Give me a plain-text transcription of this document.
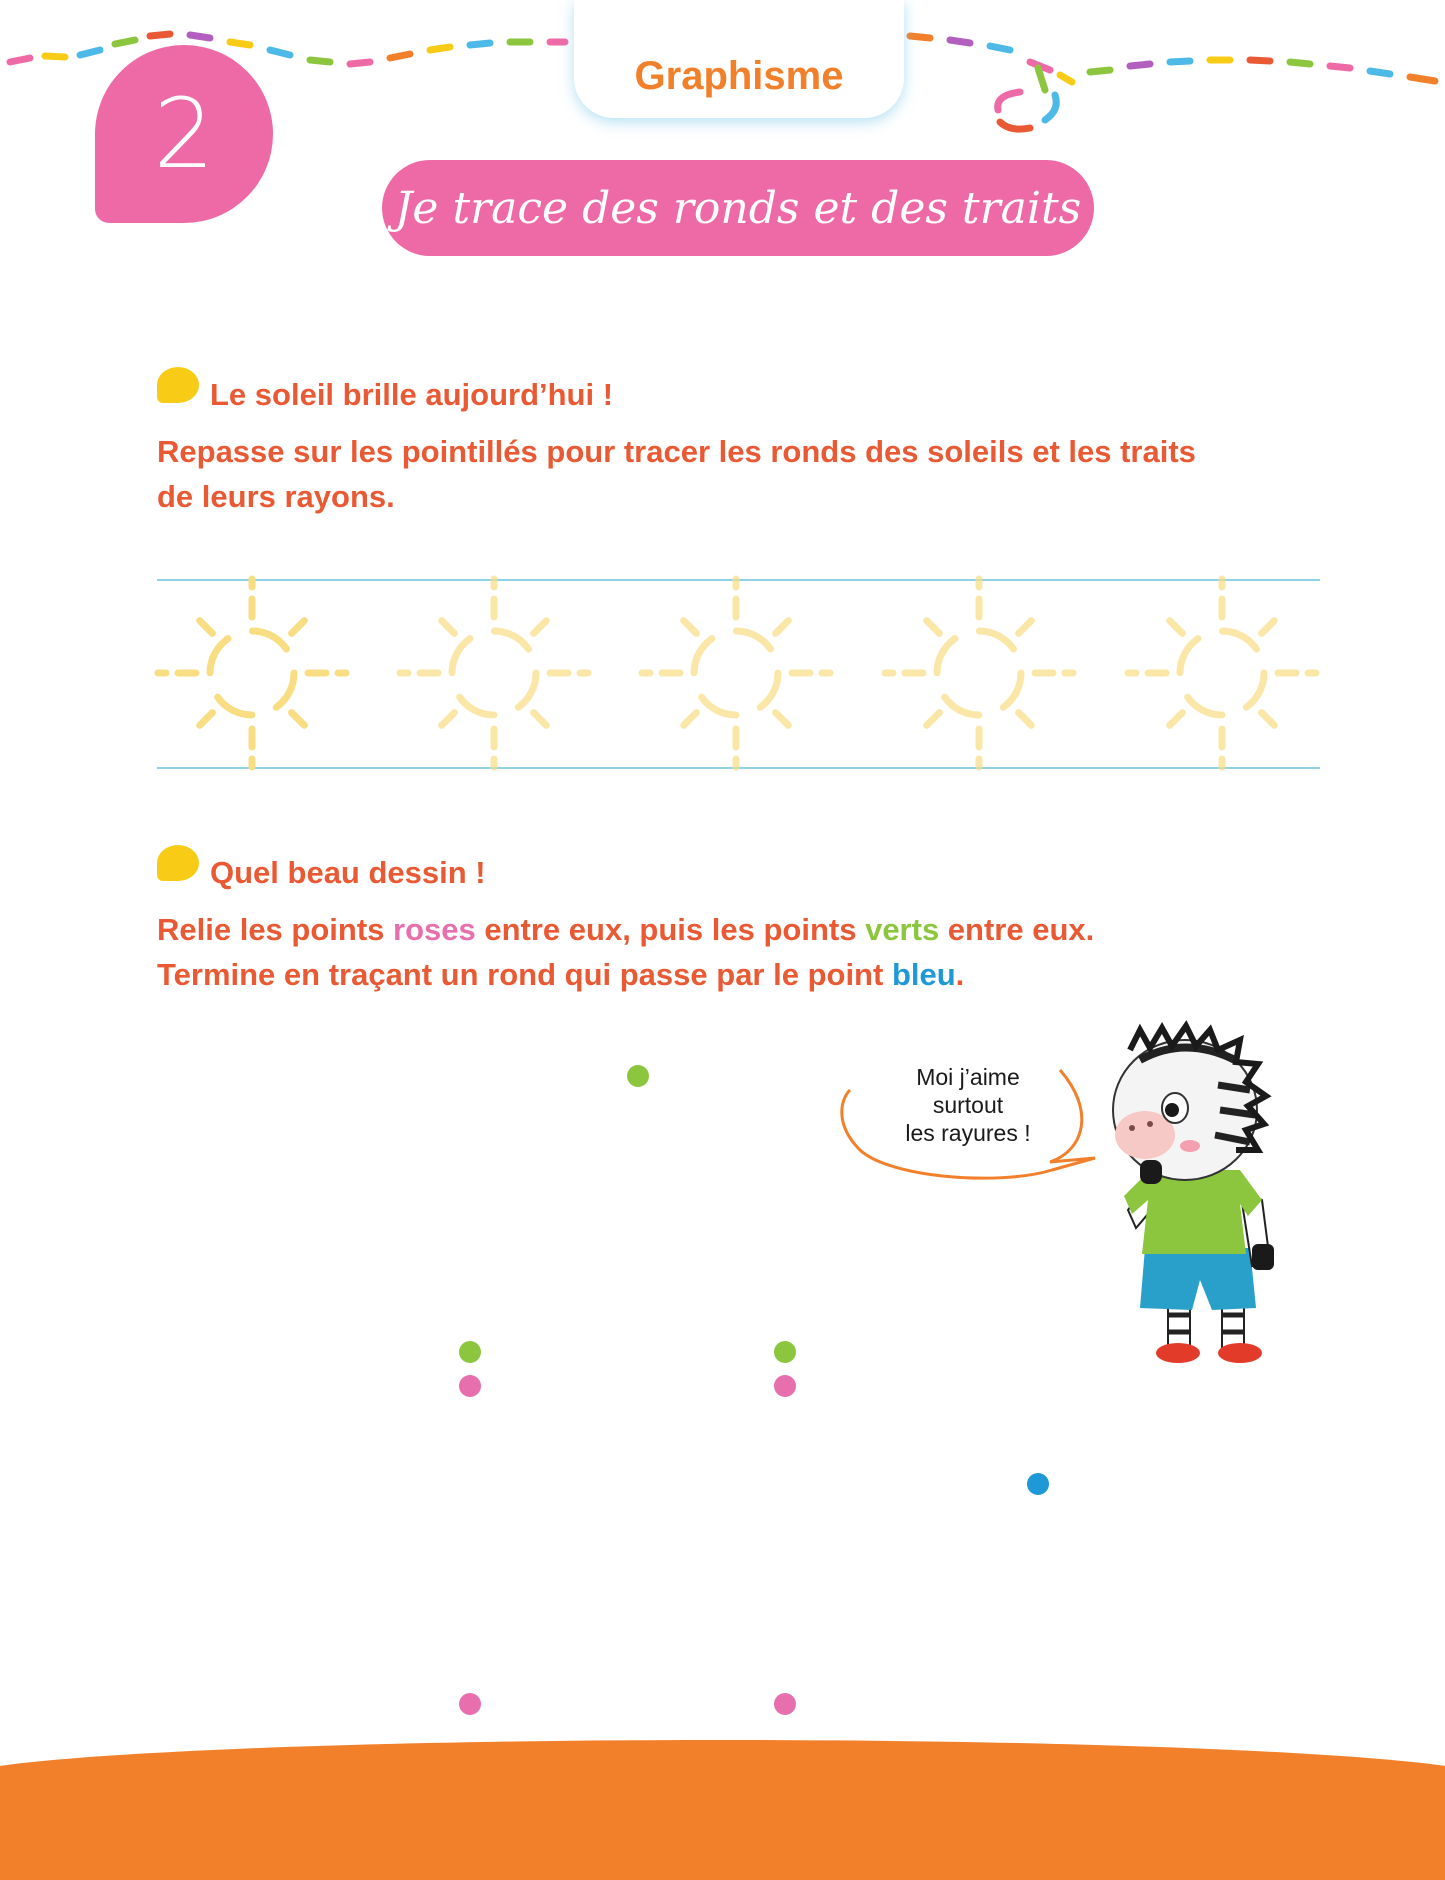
2
Graphisme
Je trace des ronds et des traits
Le soleil brille aujourd’hui !
Repasse sur les pointillés pour tracer les ronds des soleils et les traits
de leurs rayons.
Quel beau dessin !
Relie les points roses entre eux, puis les points verts entre eux.
Termine en traçant un rond qui passe par le point bleu.
Moi j’aime
surtout
les rayures !
